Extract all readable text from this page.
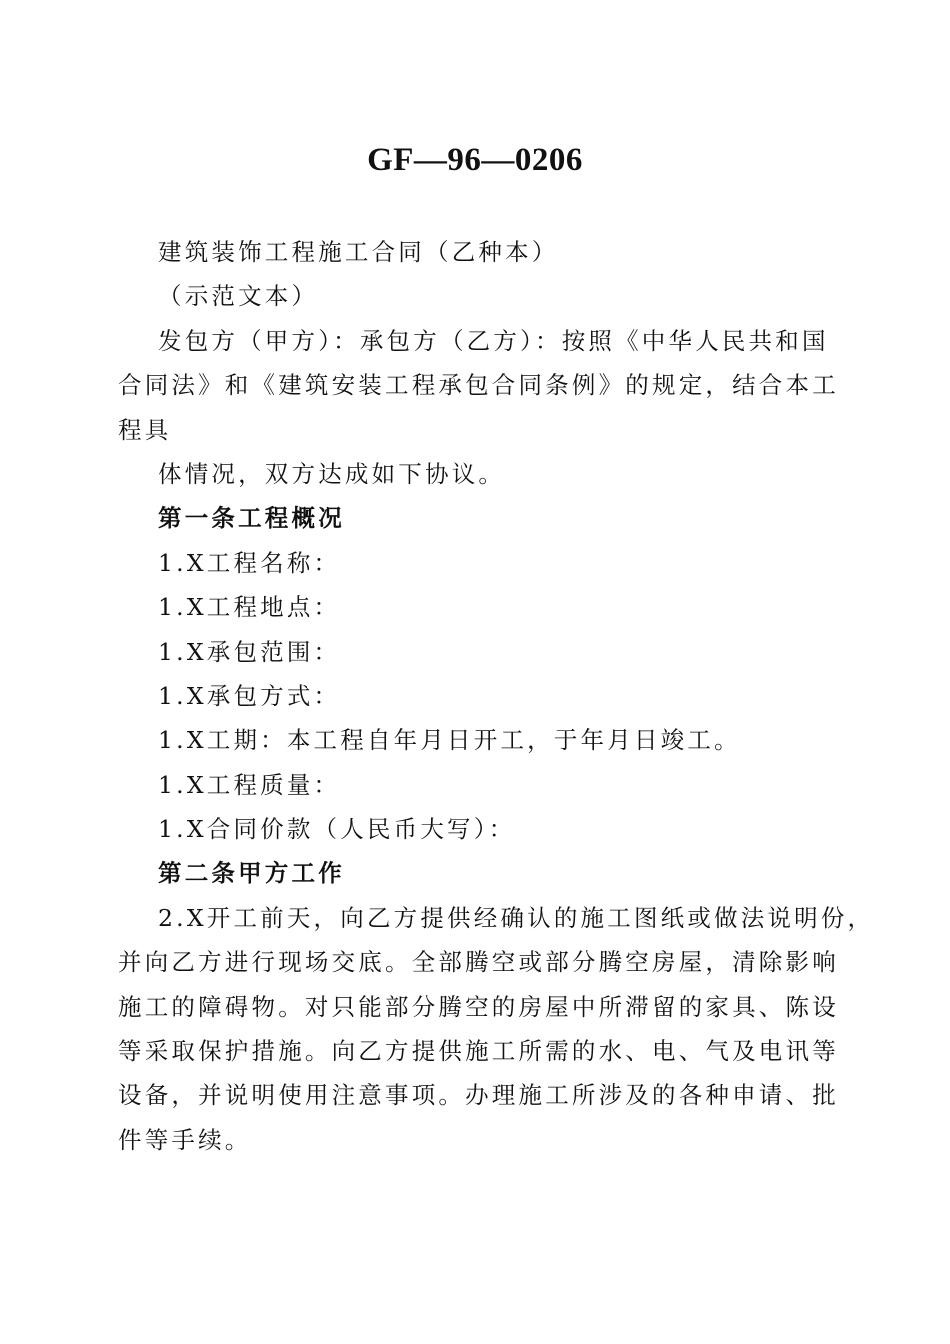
GF—96—0206
建筑装饰工程施工合同（乙种本）
（示范文本）
发包方（甲方）：承包方（乙方）：按照《中华人民共和国
合同法》和《建筑安装工程承包合同条例》的规定，结合本工
程具
体情况，双方达成如下协议。
第一条工程概况
1.X工程名称：
1.X工程地点：
1.X承包范围：
1.X承包方式：
1.X工期：本工程自年月日开工，于年月日竣工。
1.X工程质量：
1.X合同价款（人民币大写）：
第二条甲方工作
2.X开工前天，向乙方提供经确认的施工图纸或做法说明份，
并向乙方进行现场交底。全部腾空或部分腾空房屋，清除影响
施工的障碍物。对只能部分腾空的房屋中所滞留的家具、陈设
等采取保护措施。向乙方提供施工所需的水、电、气及电讯等
设备，并说明使用注意事项。办理施工所涉及的各种申请、批
件等手续。
